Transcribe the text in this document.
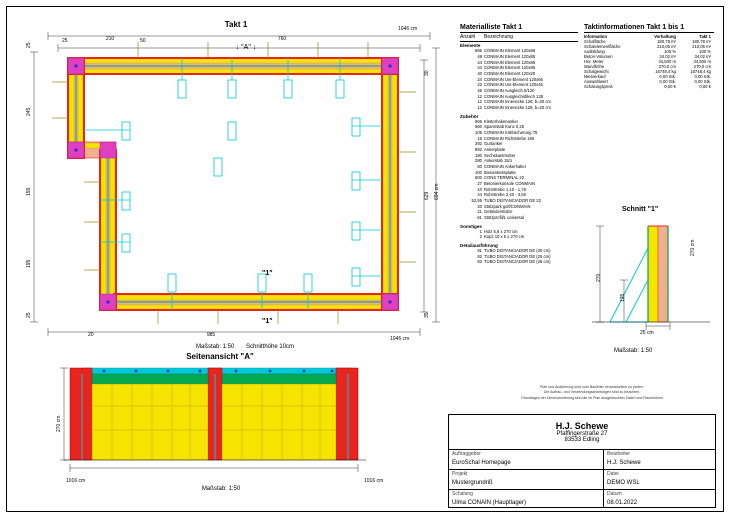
Takt 1
↓ "A" ↓
"1"
"1"
1046 cm
210	760
25	50
694 cm
629
30
35
1046 cm
985
20
25
245
155
195
25
Maßstab: 1:50 Schnitthöhe 10cm
Materialliste Takt 1
Anzahl	Bezeichnung
Elemente
666	CONMAIN Element 120x66
48	CONMAIN Element 120x85
44	CONMAIN Element 120x85
44	CONMAIN Element 120x95
40	CONMAIN Element 120x20
24	CONMAIN Uni-Element 120x66
22	CONMAIN Uni-Element 120x45
46	CONMAIN Ausgleich 5/120
12	CONMAIN Ausgleichsblech 128
12	CONMAIN Innenecke 128, b=30 cm
12	CONMAIN Innenecke 128, b=20 cm
Zubehör
666	Kletterhakenanker
560	Spannstab Kunz 0,25
105	CONMAIN Kühlsicherung 75
16	CONMAIN Richtstrebe 160
292	Gurtanker
892	Ankerplatte
180	Sechskantmutter
280	Ankerstab 15/1
60	CONMAIN Ankerhalter
100	Bosamkeitsplatte
600	CONS TERMINAL 22
27	Betonierkonsole CONMAIN
10	Rohrstrebe 1,10 - 1,78
44	Rohrstrebe 2,40 - 3,55
52,55	TUBO DISTANCIADOR DE 22
20	Stützpark golf/CONMAIN
21	Geländerstütze
61	Stützprofil/L universal
Sonstiges
1	Holz 5,6 x 270 cm
2	Kopz 10 x 5 x 270 cm
Detailausführung
81	TUBO DISTANCIADOR DE (30 cm)
82	TUBO DISTANCIADOR DE (25 cm)
83	TUBO DISTANCIADOR DE (28 cm)
Taktinformationen Takt 1 bis 1
Information	Vorhaltung	Takt 1
Schalfläche	180,78 m²	180,78 m²
Schalelementfläche	210,05 m²	210,05 m²
Ausbildung	100 %	100 %
Beton-Volumen	34,02 m³	34,02 m³
Hor. Meter	34,500 m	34,500 m
Wandhöhe	270,0 cm	270,0 cm
Schalgewicht	16748,4 kg	16748,4 kg
Mietverkauf	0,00 Stk.	0,00 Stk.
Auswahlwert	0,00 Stk.	0,00 Stk.
Schalungspreis	0,00 €	0,00 €
Schnitt "1"
270
125
25 cm
270 cm
Maßstab: 1:50
Seitenansicht "A"
270 cm
1016 cm	1016 cm
Maßstab: 1:50
Plan und Ausführung sind vom Bauleiter verantwortlich zu prüfen.
Die Aufbau- und Verwendungsanleitungen sind zu beachten.
Grundlagen der Dimensionierung sind die im Plan ausgedruckten Daten und Raumhöhen
H.J. Schewe
Pfaffingerstraße 27
83533 Edling
Auftraggeber
EuroSchal Homepage
Bearbeiter
H.J. Schewe
Projekt
Mustergrundriß
Datei
DEMO WSL
Schalung
Ulma CONAIN (Hauptlager)
Datum
08.01.2022
